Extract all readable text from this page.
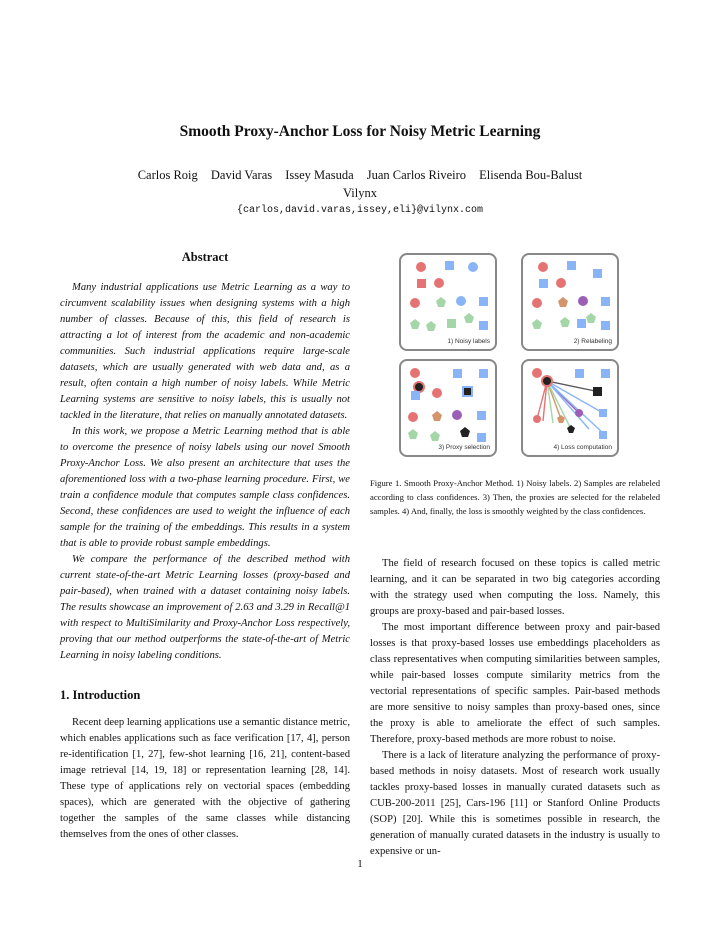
Smooth Proxy-Anchor Loss for Noisy Metric Learning
Carlos Roig David Varas Issey Masuda Juan Carlos Riveiro Elisenda Bou-Balust
Vilynx
{carlos,david.varas,issey,eli}@vilynx.com
Abstract

Many industrial applications use Metric Learning as a way to circumvent scalability issues when designing systems with a high number of classes. Because of this, this field of research is attracting a lot of interest from the academic and non-academic communities. Such industrial applications require large-scale datasets, which are usually generated with web data and, as a result, often contain a high number of noisy labels. While Metric Learning systems are sensitive to noisy labels, this is usually not tackled in the literature, that relies on manually annotated datasets.

In this work, we propose a Metric Learning method that is able to overcome the presence of noisy labels using our novel Smooth Proxy-Anchor Loss. We also present an architecture that uses the aforementioned loss with a two-phase learning procedure. First, we train a confidence module that computes sample class confidences. Second, these confidences are used to weight the influence of each sample for the training of the embeddings. This results in a system that is able to provide robust sample embeddings.

We compare the performance of the described method with current state-of-the-art Metric Learning losses (proxy-based and pair-based), when trained with a dataset containing noisy labels. The results showcase an improvement of 2.63 and 3.29 in Recall@1 with respect to MultiSimilarity and Proxy-Anchor Loss respectively, proving that our method outperforms the state-of-the-art of Metric Learning in noisy labeling conditions.

1. Introduction

Recent deep learning applications use a semantic distance metric, which enables applications such as face verification [17, 4], person re-identification [1, 27], few-shot learning [16, 21], content-based image retrieval [14, 19, 18] or representation learning [28, 14]. These type of applications rely on vectorial spaces (embedding spaces), which are generated with the objective of gathering together the samples of the same classes while distancing themselves from the ones of other classes.

1) Noisy labels	2) Relabeling
3) Proxy selection	4) Loss computation
Figure 1. Smooth Proxy-Anchor Method. 1) Noisy labels. 2) Samples are relabeled according to class confidences. 3) Then, the proxies are selected for the relabeled samples. 4) And, finally, the loss is smoothly weighted by the class confidences.

The field of research focused on these topics is called metric learning, and it can be separated in two big categories according with the strategy used when computing the loss. Namely, this groups are proxy-based and pair-based losses.

The most important difference between proxy and pair-based losses is that proxy-based losses use embeddings placeholders as class representatives when computing similarities between samples, while pair-based losses compute similarity metrics from the vectorial representations of specific samples. Pair-based methods are more sensitive to noisy samples than proxy-based ones, since the proxy is able to ameliorate the effect of such samples. Therefore, proxy-based methods are more robust to noise.

There is a lack of literature analyzing the performance of proxy-based methods in noisy datasets. Most of research work usually tackles proxy-based losses in manually curated datasets such as CUB-200-2011 [25], Cars-196 [11] or Stanford Online Products (SOP) [20]. While this is sometimes possible in research, the generation of manually curated datasets in the industry is usually to expensive or un-

1
